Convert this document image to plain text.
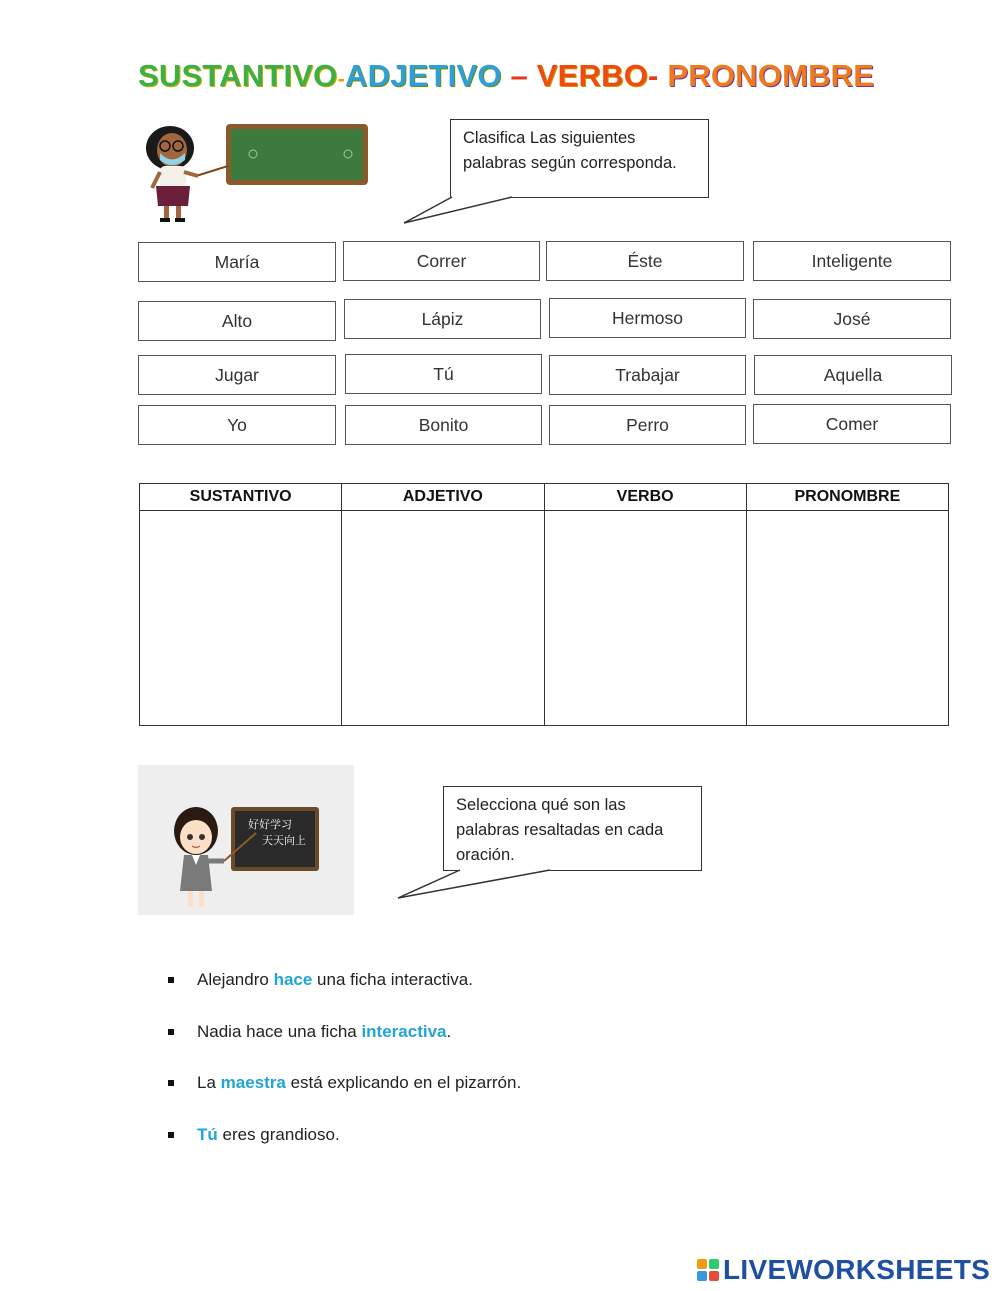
SUSTANTIVO-ADJETIVO – VERBO- PRONOMBRE
Clasifica Las siguientes palabras según corresponda.
María	Correr	Éste	Inteligente
Alto	Lápiz	Hermoso	José
Jugar	Tú	Trabajar	Aquella
Yo	Bonito	Perro	Comer
SUSTANTIVO	ADJETIVO	VERBO	PRONOMBRE

好好学习
天天向上
Selecciona qué son las palabras resaltadas en cada oración.
Alejandro hace una ficha interactiva.
Nadia hace una ficha interactiva.
La maestra está explicando en el pizarrón.
Tú eres grandioso.
LIVEWORKSHEETS
